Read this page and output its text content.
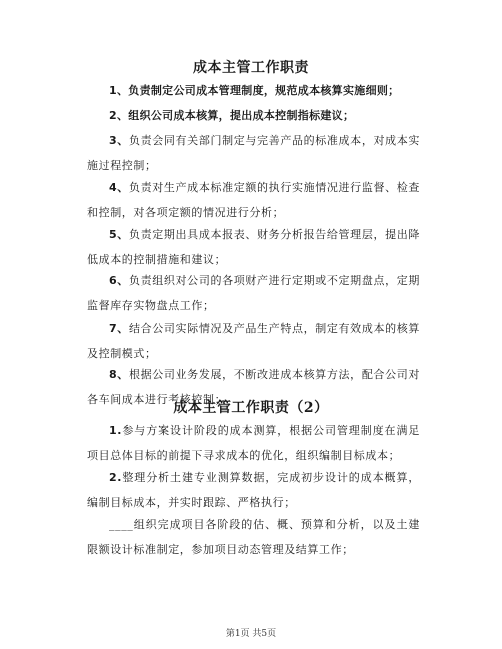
成本主管工作职责
1、负责制定公司成本管理制度，规范成本核算实施细则；
2、组织公司成本核算，提出成本控制指标建议；
3、负责会同有关部门制定与完善产品的标准成本，对成本实施过程控制；
4、负责对生产成本标准定额的执行实施情况进行监督、检查和控制，对各项定额的情况进行分析；
5、负责定期出具成本报表、财务分析报告给管理层，提出降低成本的控制措施和建议；
6、负责组织对公司的各项财产进行定期或不定期盘点，定期监督库存实物盘点工作；
7、结合公司实际情况及产品生产特点，制定有效成本的核算及控制模式；
8、根据公司业务发展，不断改进成本核算方法，配合公司对各车间成本进行考核控制；
成本主管工作职责（2）
1.参与方案设计阶段的成本测算，根据公司管理制度在满足项目总体目标的前提下寻求成本的优化，组织编制目标成本；
2.整理分析土建专业测算数据，完成初步设计的成本概算，编制目标成本，并实时跟踪、严格执行；
____组织完成项目各阶段的估、概、预算和分析，以及土建限额设计标准制定，参加项目动态管理及结算工作；
第1页 共5页
